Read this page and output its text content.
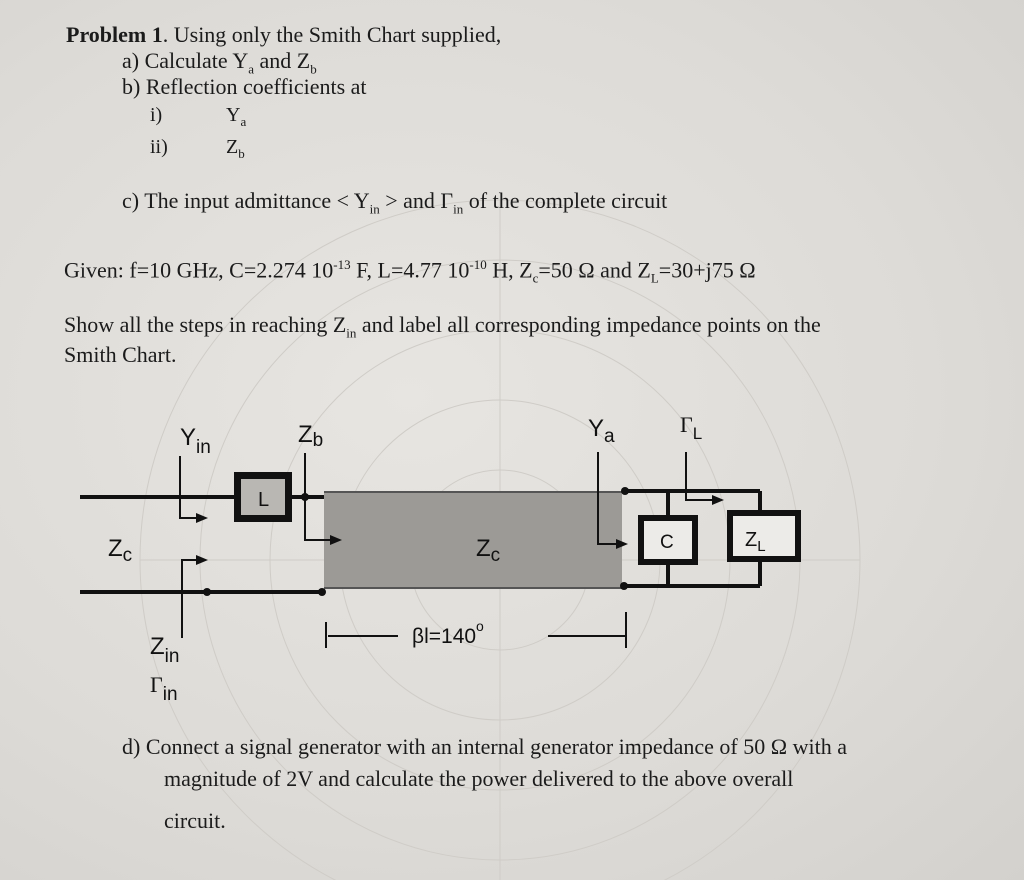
Problem 1. Using only the Smith Chart supplied,
a) Calculate $Y_a$ and $Z_b$
b) Reflection coefficients at
i)	$Y_a$
ii)	$Z_b$
c) The input admittance < $Y_{in}$ > and $\Gamma_{in}$ of the complete circuit
Given: f=10 GHz, C=2.274 $10^{-13}$ F, L=4.77 $10^{-10}$ H, $Z_c=50$ Ω and $Z_L=30+j75$ Ω
Show all the steps in reaching $Z_{in}$ and label all corresponding impedance points on the
Smith Chart.
$Y_{in}$	Zb	$Y_a$	$\Gamma_L$
$Z_c$	$Z_c$
$Z_{in}$
Γin
L
C	$Z_L$
$\beta l=140^o$
d) Connect a signal generator with an internal generator impedance of 50 Ω with a
magnitude of 2V and calculate the power delivered to the above overall
circuit.
